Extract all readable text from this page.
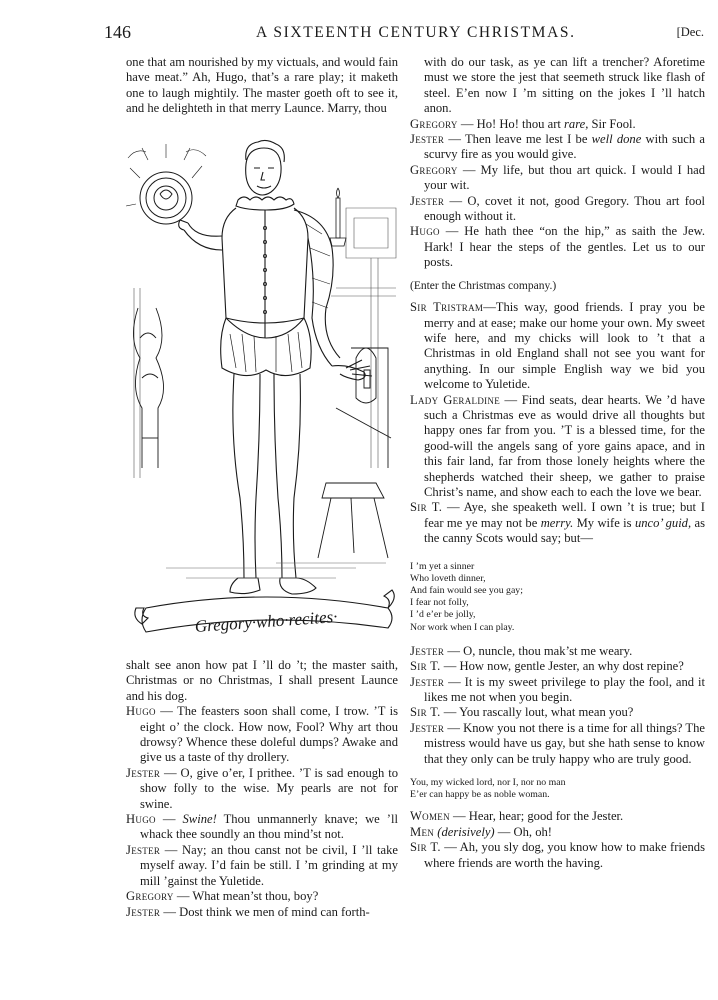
146	A SIXTEENTH CENTURY CHRISTMAS.	[Dec.

one that am nourished by my victuals, and would fain have meat.” Ah, Hugo, that’s a rare play; it maketh one to laugh mightily. The master goeth oft to see it, and he delighteth in that merry Launce. Marry, thou

Gregory·who·recites·

shalt see anon how pat I ’ll do ’t; the master saith, Christmas or no Christmas, I shall present Launce and his dog.

Hugo — The feasters soon shall come, I trow. ’T is eight o’ the clock. How now, Fool? Why art thou drowsy? Whence these doleful dumps? Awake and give us a taste of thy drollery.

Jester — O, give o’er, I prithee. ’T is sad enough to show folly to the wise. My pearls are not for swine.

Hugo — Swine! Thou unmannerly knave; we ’ll whack thee soundly an thou mind’st not.

Jester — Nay; an thou canst not be civil, I ’ll take myself away. I’d fain be still. I ’m grinding at my mill ’gainst the Yuletide.

Gregory — What mean’st thou, boy?

Jester — Dost think we men of mind can forth-

with do our task, as ye can lift a trencher? Aforetime must we store the jest that seemeth struck like flash of steel. E’en now I ’m sitting on the jokes I ’ll hatch anon.

Gregory — Ho! Ho! thou art rare, Sir Fool.

Jester — Then leave me lest I be well done with such a scurvy fire as you would give.

Gregory — My life, but thou art quick. I would I had your wit.

Jester — O, covet it not, good Gregory. Thou art fool enough without it.

Hugo — He hath thee “on the hip,” as saith the Jew. Hark! I hear the steps of the gentles. Let us to our posts.

(Enter the Christmas company.)

Sir Tristram—This way, good friends. I pray you be merry and at ease; make our home your own. My sweet wife here, and my chicks will look to ’t that a Christmas in old England shall not see you want for anything. In our simple English way we bid you welcome to Yuletide.

Lady Geraldine — Find seats, dear hearts. We ’d have such a Christmas eve as would drive all thoughts but happy ones far from you. ’T is a blessed time, for the good-will the angels sang of yore gains apace, and in this fair land, far from those lonely heights where the shepherds watched their sheep, we gather to praise Christ’s name, and show each to each the love we bear.

Sir T. — Aye, she speaketh well. I own ’t is true; but I fear me ye may not be merry. My wife is unco’ guid, as the canny Scots would say; but—

I ’m yet a sinner

Who loveth dinner,

And fain would see you gay;

I fear not folly,

I ’d e’er be jolly,

Nor work when I can play.

Jester — O, nuncle, thou mak’st me weary.

Sir T. — How now, gentle Jester, an why dost repine?

Jester — It is my sweet privilege to play the fool, and it likes me not when you begin.

Sir T. — You rascally lout, what mean you?

Jester — Know you not there is a time for all things? The mistress would have us gay, but she hath sense to know that they only can be truly happy who are truly good.

You, my wicked lord, nor I, nor no man

E’er can happy be as noble woman.

Women — Hear, hear; good for the Jester.

Men (derisively) — Oh, oh!

Sir T. — Ah, you sly dog, you know how to make friends where friends are worth the having.
